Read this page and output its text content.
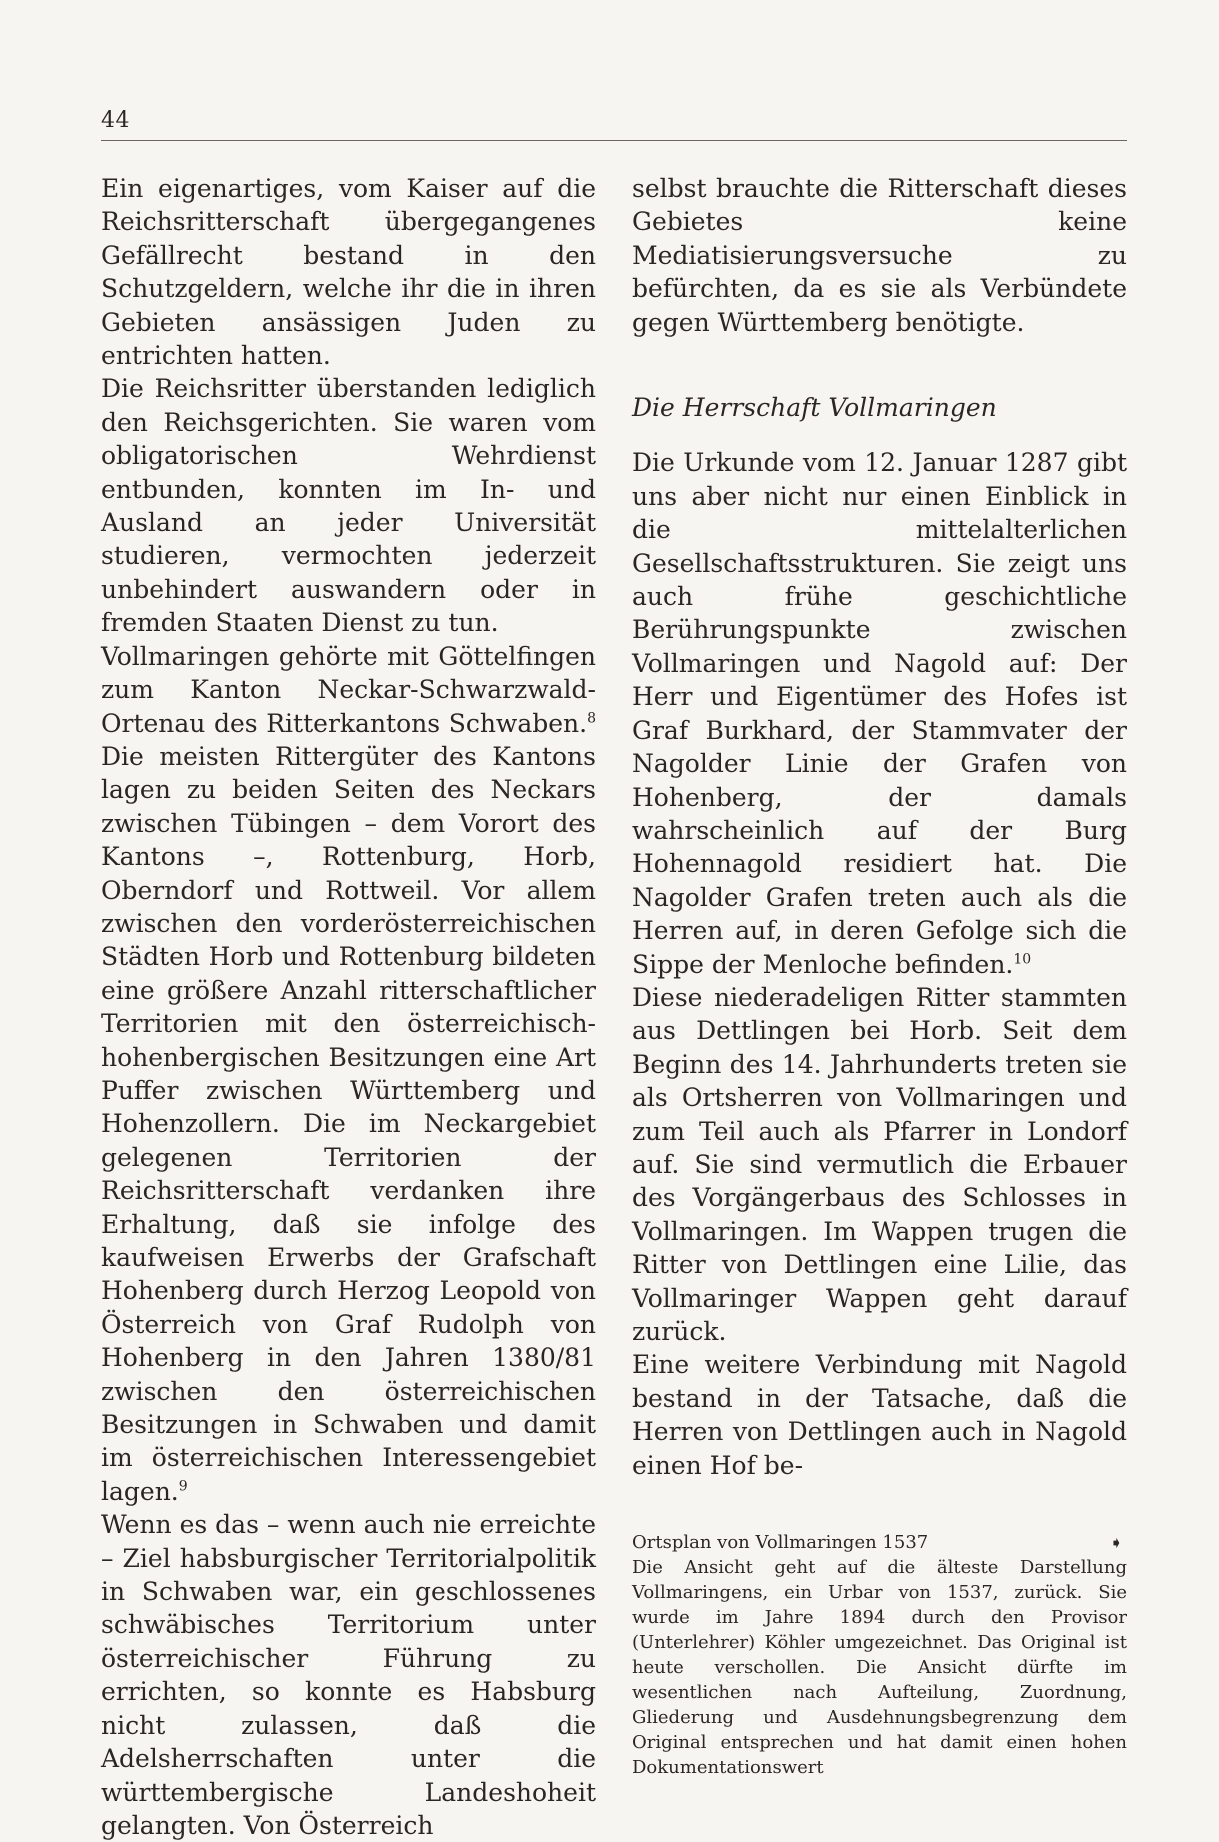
44

Ein eigenartiges, vom Kaiser auf die Reichsritterschaft übergegangenes Gefällrecht bestand in den Schutzgeldern, welche ihr die in ihren Gebieten ansässigen Juden zu entrichten hatten.

Die Reichsritter überstanden lediglich den Reichsgerichten. Sie waren vom obligatorischen Wehrdienst entbunden, konnten im In- und Ausland an jeder Universität studieren, vermochten jederzeit unbehindert auswandern oder in fremden Staaten Dienst zu tun.

Vollmaringen gehörte mit Göttelfingen zum Kanton Neckar-Schwarzwald-Ortenau des Ritterkantons Schwaben.$^8$ Die meisten Rittergüter des Kantons lagen zu beiden Seiten des Neckars zwischen Tübingen – dem Vorort des Kantons –, Rottenburg, Horb, Oberndorf und Rottweil. Vor allem zwischen den vorderösterreichischen Städten Horb und Rottenburg bildeten eine größere Anzahl ritterschaftlicher Territorien mit den österreichisch-hohenbergischen Besitzungen eine Art Puffer zwischen Württemberg und Hohenzollern. Die im Neckargebiet gelegenen Territorien der Reichsritterschaft verdanken ihre Erhaltung, daß sie infolge des kaufweisen Erwerbs der Grafschaft Hohenberg durch Herzog Leopold von Österreich von Graf Rudolph von Hohenberg in den Jahren 1380/81 zwischen den österreichischen Besitzungen in Schwaben und damit im österreichischen Interessengebiet lagen.$^9$

Wenn es das – wenn auch nie erreichte – Ziel habsburgischer Territorialpolitik in Schwaben war, ein geschlossenes schwäbisches Territorium unter österreichischer Führung zu errichten, so konnte es Habsburg nicht zulassen, daß die Adelsherrschaften unter die württembergische Landeshoheit gelangten. Von Österreich

selbst brauchte die Ritterschaft dieses Gebietes keine Mediatisierungsversuche zu befürchten, da es sie als Verbündete gegen Württemberg benötigte.

Die Herrschaft Vollmaringen

Die Urkunde vom 12. Januar 1287 gibt uns aber nicht nur einen Einblick in die mittelalterlichen Gesellschaftsstrukturen. Sie zeigt uns auch frühe geschichtliche Berührungspunkte zwischen Vollmaringen und Nagold auf: Der Herr und Eigentümer des Hofes ist Graf Burkhard, der Stammvater der Nagolder Linie der Grafen von Hohenberg, der damals wahrscheinlich auf der Burg Hohennagold residiert hat. Die Nagolder Grafen treten auch als die Herren auf, in deren Gefolge sich die Sippe der Menloche befinden.$^{10}$

Diese niederadeligen Ritter stammten aus Dettlingen bei Horb. Seit dem Beginn des 14. Jahrhunderts treten sie als Ortsherren von Vollmaringen und zum Teil auch als Pfarrer in Londorf auf. Sie sind vermutlich die Erbauer des Vorgängerbaus des Schlosses in Vollmaringen. Im Wappen trugen die Ritter von Dettlingen eine Lilie, das Vollmaringer Wappen geht darauf zurück.

Eine weitere Verbindung mit Nagold bestand in der Tatsache, daß die Herren von Dettlingen auch in Nagold einen Hof be-

Ortsplan von Vollmaringen 1537	➧

Die Ansicht geht auf die älteste Darstellung Vollmaringens, ein Urbar von 1537, zurück. Sie wurde im Jahre 1894 durch den Provisor (Unterlehrer) Köhler umgezeichnet. Das Original ist heute verschollen. Die Ansicht dürfte im wesentlichen nach Aufteilung, Zuordnung, Gliederung und Ausdehnungsbegrenzung dem Original entsprechen und hat damit einen hohen Dokumentationswert
